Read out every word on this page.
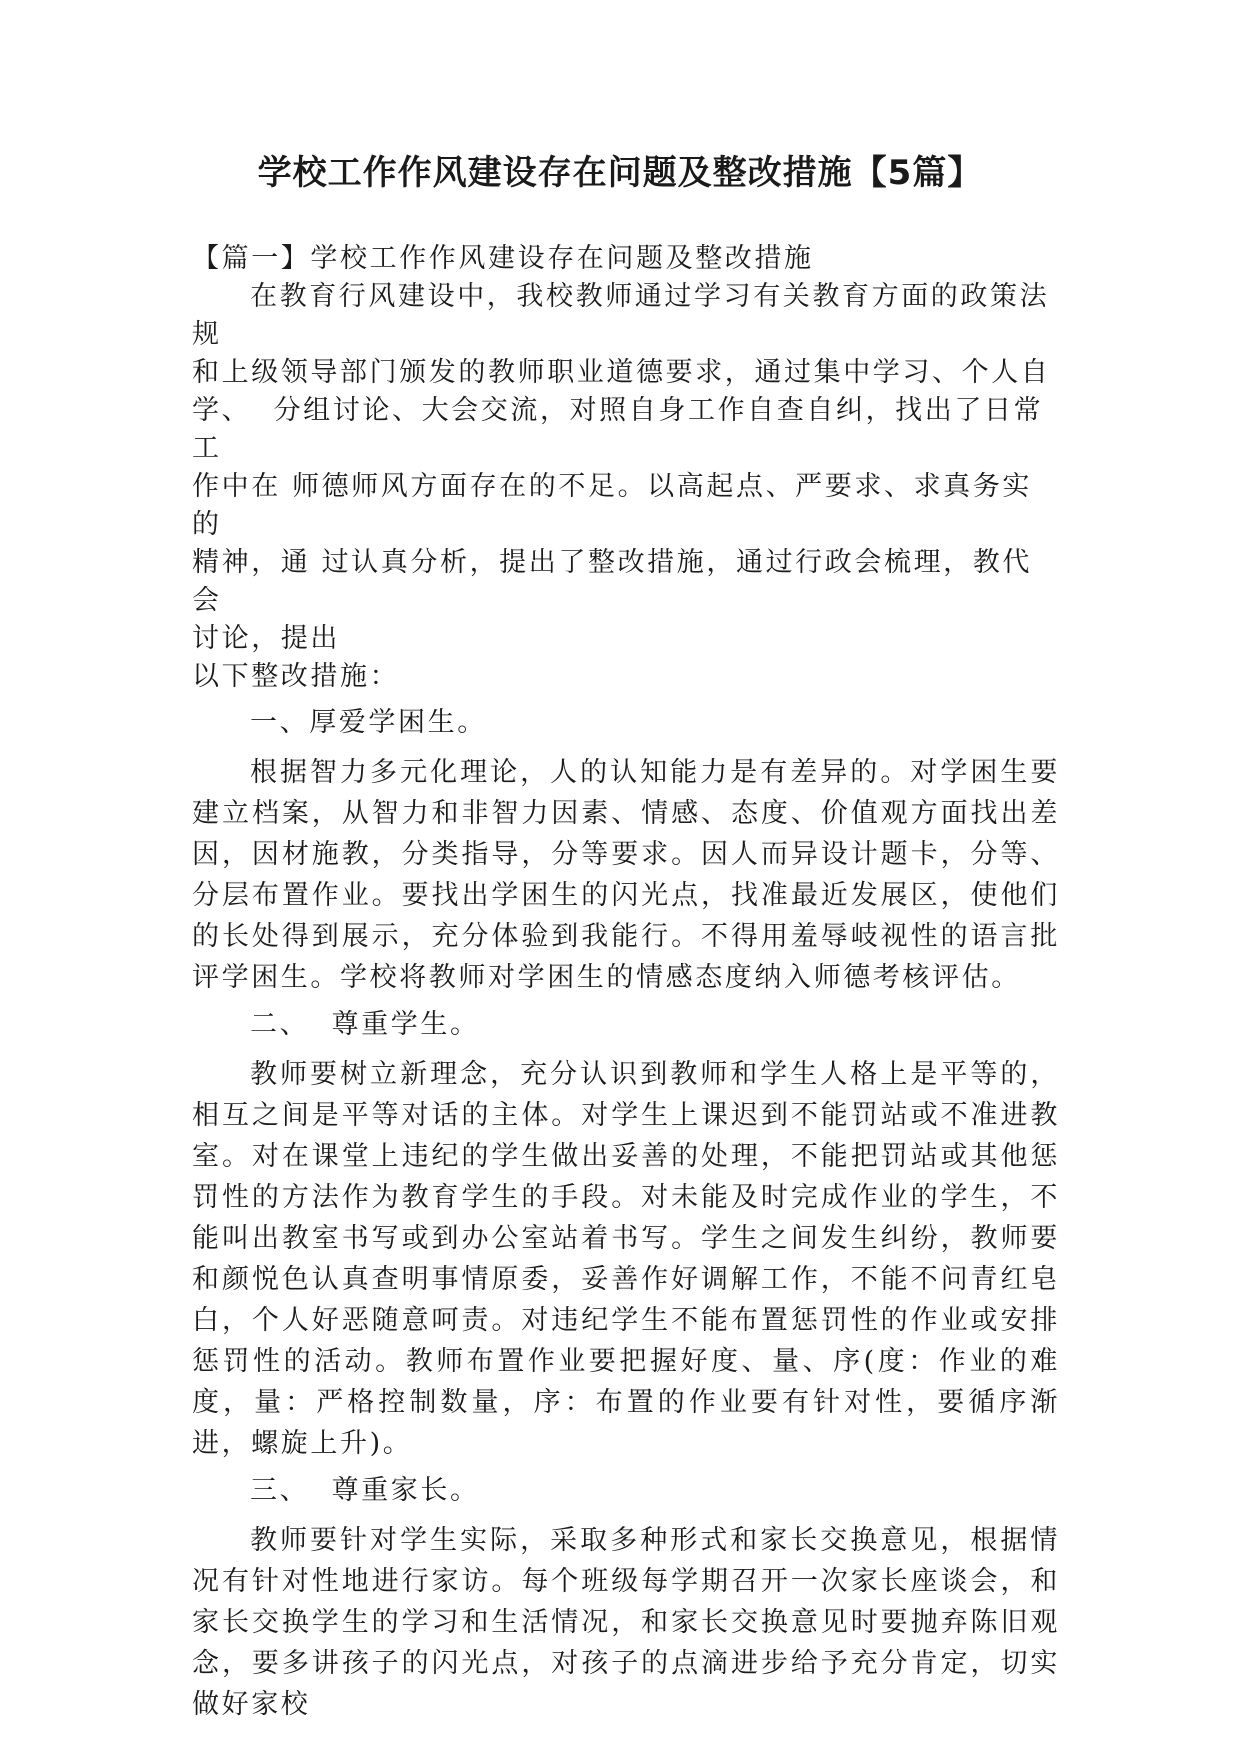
学校工作作风建设存在问题及整改措施【5篇】

【篇一】学校工作作风建设存在问题及整改措施

在教育行风建设中，我校教师通过学习有关教育方面的政策法规

和上级领导部门颁发的教师职业道德要求，通过集中学习、个人自

学、  分组讨论、大会交流，对照自身工作自查自纠，找出了日常工

作中在 师德师风方面存在的不足。以高起点、严要求、求真务实的

精神，通 过认真分析，提出了整改措施，通过行政会梳理，教代会

讨论，提出

以下整改措施：

一、厚爱学困生。

根据智力多元化理论，人的认知能力是有差异的。对学困生要建立档案，从智力和非智力因素、情感、态度、价值观方面找出差因，因材施教，分类指导，分等要求。因人而异设计题卡，分等、分层布置作业。要找出学困生的闪光点，找准最近发展区，使他们的长处得到展示，充分体验到我能行。不得用羞辱岐视性的语言批评学困生。学校将教师对学困生的情感态度纳入师德考核评估。

二、  尊重学生。

教师要树立新理念，充分认识到教师和学生人格上是平等的，相互之间是平等对话的主体。对学生上课迟到不能罚站或不准进教室。对在课堂上违纪的学生做出妥善的处理，不能把罚站或其他惩罚性的方法作为教育学生的手段。对未能及时完成作业的学生，不能叫出教室书写或到办公室站着书写。学生之间发生纠纷，教师要和颜悦色认真查明事情原委，妥善作好调解工作，不能不问青红皂白，个人好恶随意呵责。对违纪学生不能布置惩罚性的作业或安排惩罚性的活动。教师布置作业要把握好度、量、序(度：作业的难度，量：严格控制数量，序：布置的作业要有针对性，要循序渐进，螺旋上升)。

三、  尊重家长。

教师要针对学生实际，采取多种形式和家长交换意见，根据情况有针对性地进行家访。每个班级每学期召开一次家长座谈会，和家长交换学生的学习和生活情况，和家长交换意见时要抛弃陈旧观念，要多讲孩子的闪光点，对孩子的点滴进步给予充分肯定，切实做好家校
